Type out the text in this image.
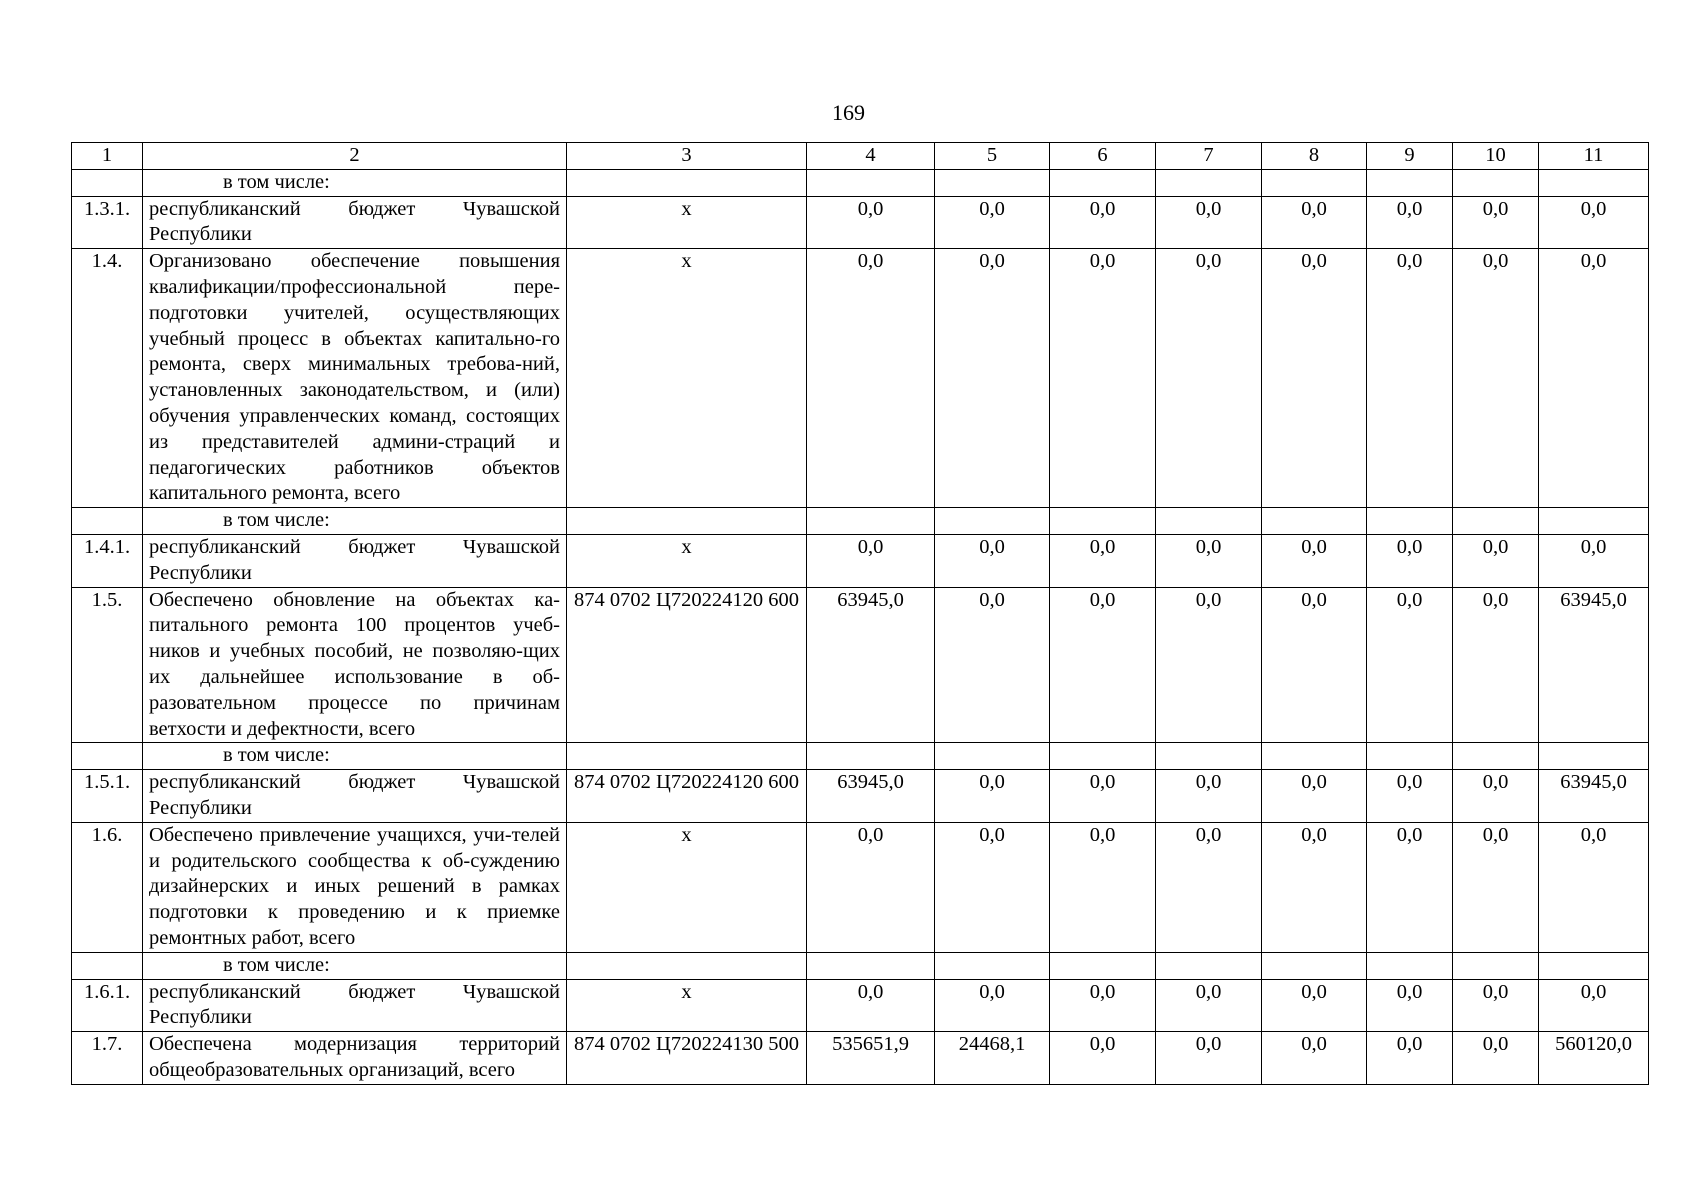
169
1	2	3	4	5	6	7	8	9	10	11
	в том числе:									
1.3.1.	республиканский бюджет Чувашской Республики	х	0,0	0,0	0,0	0,0	0,0	0,0	0,0	0,0
1.4.	Организовано обеспечение повышения квалификации/профессиональной пере-подготовки учителей, осуществляющих учебный процесс в объектах капитально-го ремонта, сверх минимальных требова-ний, установленных законодательством, и (или) обучения управленческих команд, состоящих из представителей админи-страций и педагогических работников объектов капитального ремонта, всего	х	0,0	0,0	0,0	0,0	0,0	0,0	0,0	0,0
	в том числе:									
1.4.1.	республиканский бюджет Чувашской Республики	х	0,0	0,0	0,0	0,0	0,0	0,0	0,0	0,0
1.5.	Обеспечено обновление на объектах ка-питального ремонта 100 процентов учеб-ников и учебных пособий, не позволяю-щих их дальнейшее использование в об-разовательном процессе по причинам ветхости и дефектности, всего	874 0702 Ц720224120 600	63945,0	0,0	0,0	0,0	0,0	0,0	0,0	63945,0
	в том числе:									
1.5.1.	республиканский бюджет Чувашской Республики	874 0702 Ц720224120 600	63945,0	0,0	0,0	0,0	0,0	0,0	0,0	63945,0
1.6.	Обеспечено привлечение учащихся, учи-телей и родительского сообщества к об-суждению дизайнерских и иных решений в рамках подготовки к проведению и к приемке ремонтных работ, всего	х	0,0	0,0	0,0	0,0	0,0	0,0	0,0	0,0
	в том числе:									
1.6.1.	республиканский бюджет Чувашской Республики	х	0,0	0,0	0,0	0,0	0,0	0,0	0,0	0,0
1.7.	Обеспечена модернизация территорий общеобразовательных организаций, всего	874 0702 Ц720224130 500	535651,9	24468,1	0,0	0,0	0,0	0,0	0,0	560120,0
